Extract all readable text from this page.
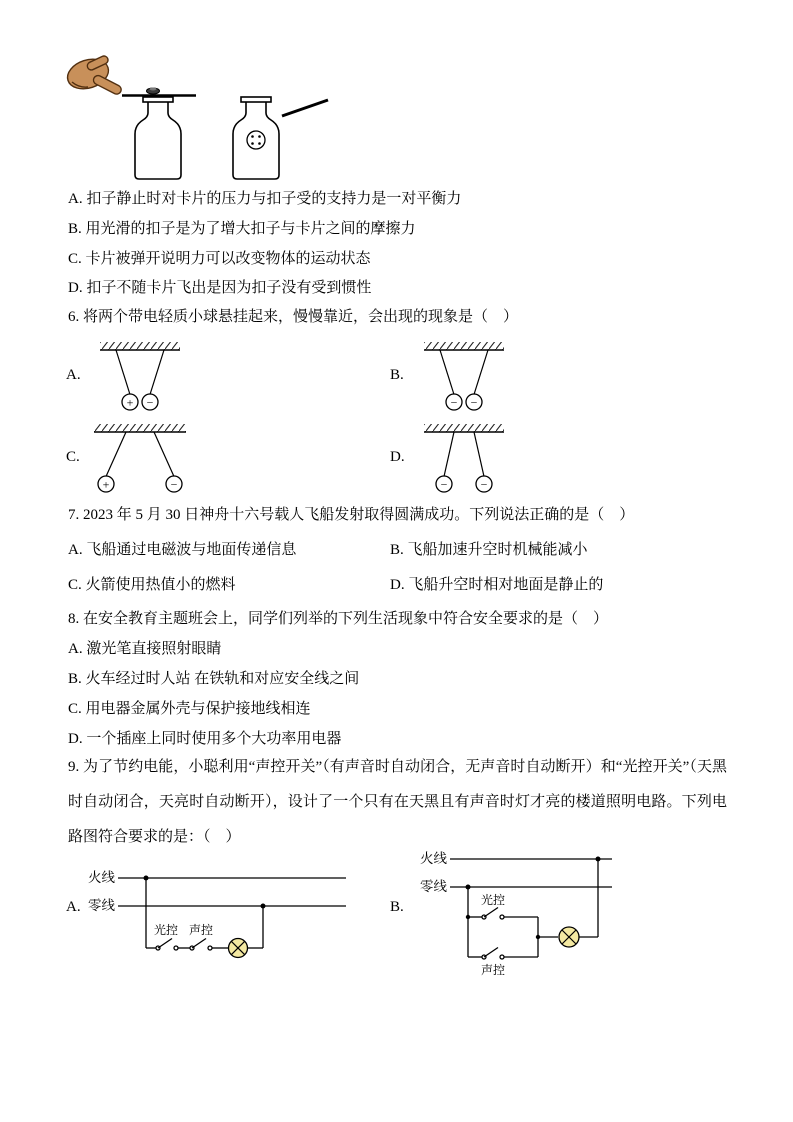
A. 扣子静止时对卡片的压力与扣子受的支持力是一对平衡力
B. 用光滑的扣子是为了增大扣子与卡片之间的摩擦力
C. 卡片被弹开说明力可以改变物体的运动状态
D. 扣子不随卡片飞出是因为扣子没有受到惯性
6. 将两个带电轻质小球悬挂起来，慢慢靠近，会出现的现象是（　）
A.
+ −
B.
− −
C.
+	−
D.
−	−
7. 2023 年 5 月 30 日神舟十六号载人飞船发射取得圆满成功。下列说法正确的是（　）
A. 飞船通过电磁波与地面传递信息	B. 飞船加速升空时机械能减小
C. 火箭使用热值小的燃料	D. 飞船升空时相对地面是静止的
8. 在安全教育主题班会上，同学们列举的下列生活现象中符合安全要求的是（　）
A. 激光笔直接照射眼睛
B. 火车经过时人站 在铁轨和对应安全线之间
C. 用电器金属外壳与保护接地线相连
D. 一个插座上同时使用多个大功率用电器
9. 为了节约电能，小聪利用“声控开关”（有声音时自动闭合，无声音时自动断开）和“光控开关”（天黑时自动闭合，天亮时自动断开），设计了一个只有在天黑且有声音时灯才亮的楼道照明电路。下列电路图符合要求的是：（　）
A.
火线
零线
光控 声控
B.
火线
零线
光控
声控
